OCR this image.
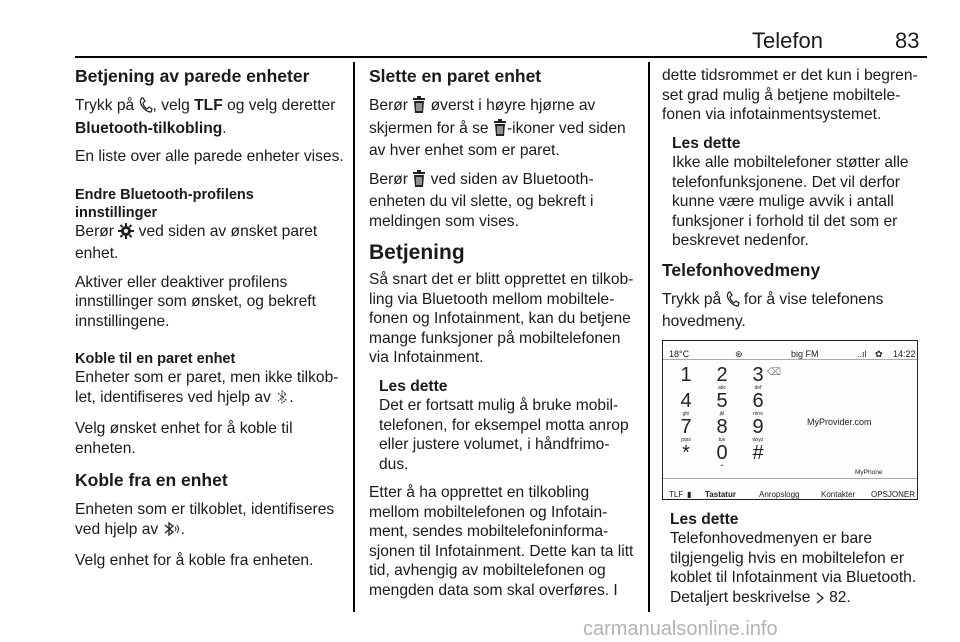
Telefon	83
Betjening av parede enheter

Trykk på , velg TLF og velg deretter
Bluetooth-tilkobling.

En liste over alle parede enheter vises.

Endre Bluetooth-profilens
innstillinger

Berør  ved siden av ønsket paret enhet.

Aktiver eller deaktiver profilens innstillinger som ønsket, og bekreft innstillingene.

Koble til en paret enhet

Enheter som er paret, men ikke tilkob-let, identifiseres ved hjelp av .

Velg ønsket enhet for å koble til enheten.

Koble fra en enhet

Enheten som er tilkoblet, identifiseres ved hjelp av .

Velg enhet for å koble fra enheten.

Slette en paret enhet

Berør  øverst i høyre hjørne av skjermen for å se -ikoner ved siden av hver enhet som er paret.

Berør  ved siden av Bluetooth-enheten du vil slette, og bekreft i meldingen som vises.

Betjening

Så snart det er blitt opprettet en tilkob-ling via Bluetooth mellom mobiltele-fonen og Infotainment, kan du betjene mange funksjoner på mobiltelefonen via Infotainment.

Les dette
Det er fortsatt mulig å bruke mobil-telefonen, for eksempel motta anrop eller justere volumet, i håndfrimo-dus.

Etter å ha opprettet en tilkobling mellom mobiltelefonen og Infotain-ment, sendes mobiltelefoninforma-sjonen til Infotainment. Dette kan ta litt tid, avhengig av mobiltelefonen og mengden data som skal overføres. I

dette tidsrommet er det kun i begren-set grad mulig å betjene mobiltele-fonen via infotainmentsystemet.

Les dette
Ikke alle mobiltelefoner støtter alle telefonfunksjonene. Det vil derfor kunne være mulige avvik i antall funksjoner i forhold til det som er beskrevet nedenfor.
Telefonhovedmeny

Trykk på  for å vise telefonens hovedmeny.

18°C	⊛	big FM	..ıl ✿ 14:22
⌫
1	2
abc
3
def
4
ghi
5
jkl
6
mno
7
pqrs
8
tuv
9
wxyz
*	0
+
#
MyProvider.com
MyPhone
TLF ▮ Tastatur	Anropslogg	Kontakter OPSJONER
Les dette
Telefonhovedmenyen er bare tilgjengelig hvis en mobiltelefon er koblet til Infotainment via Bluetooth. Detaljert beskrivelse  82.
carmanualsonline.info
